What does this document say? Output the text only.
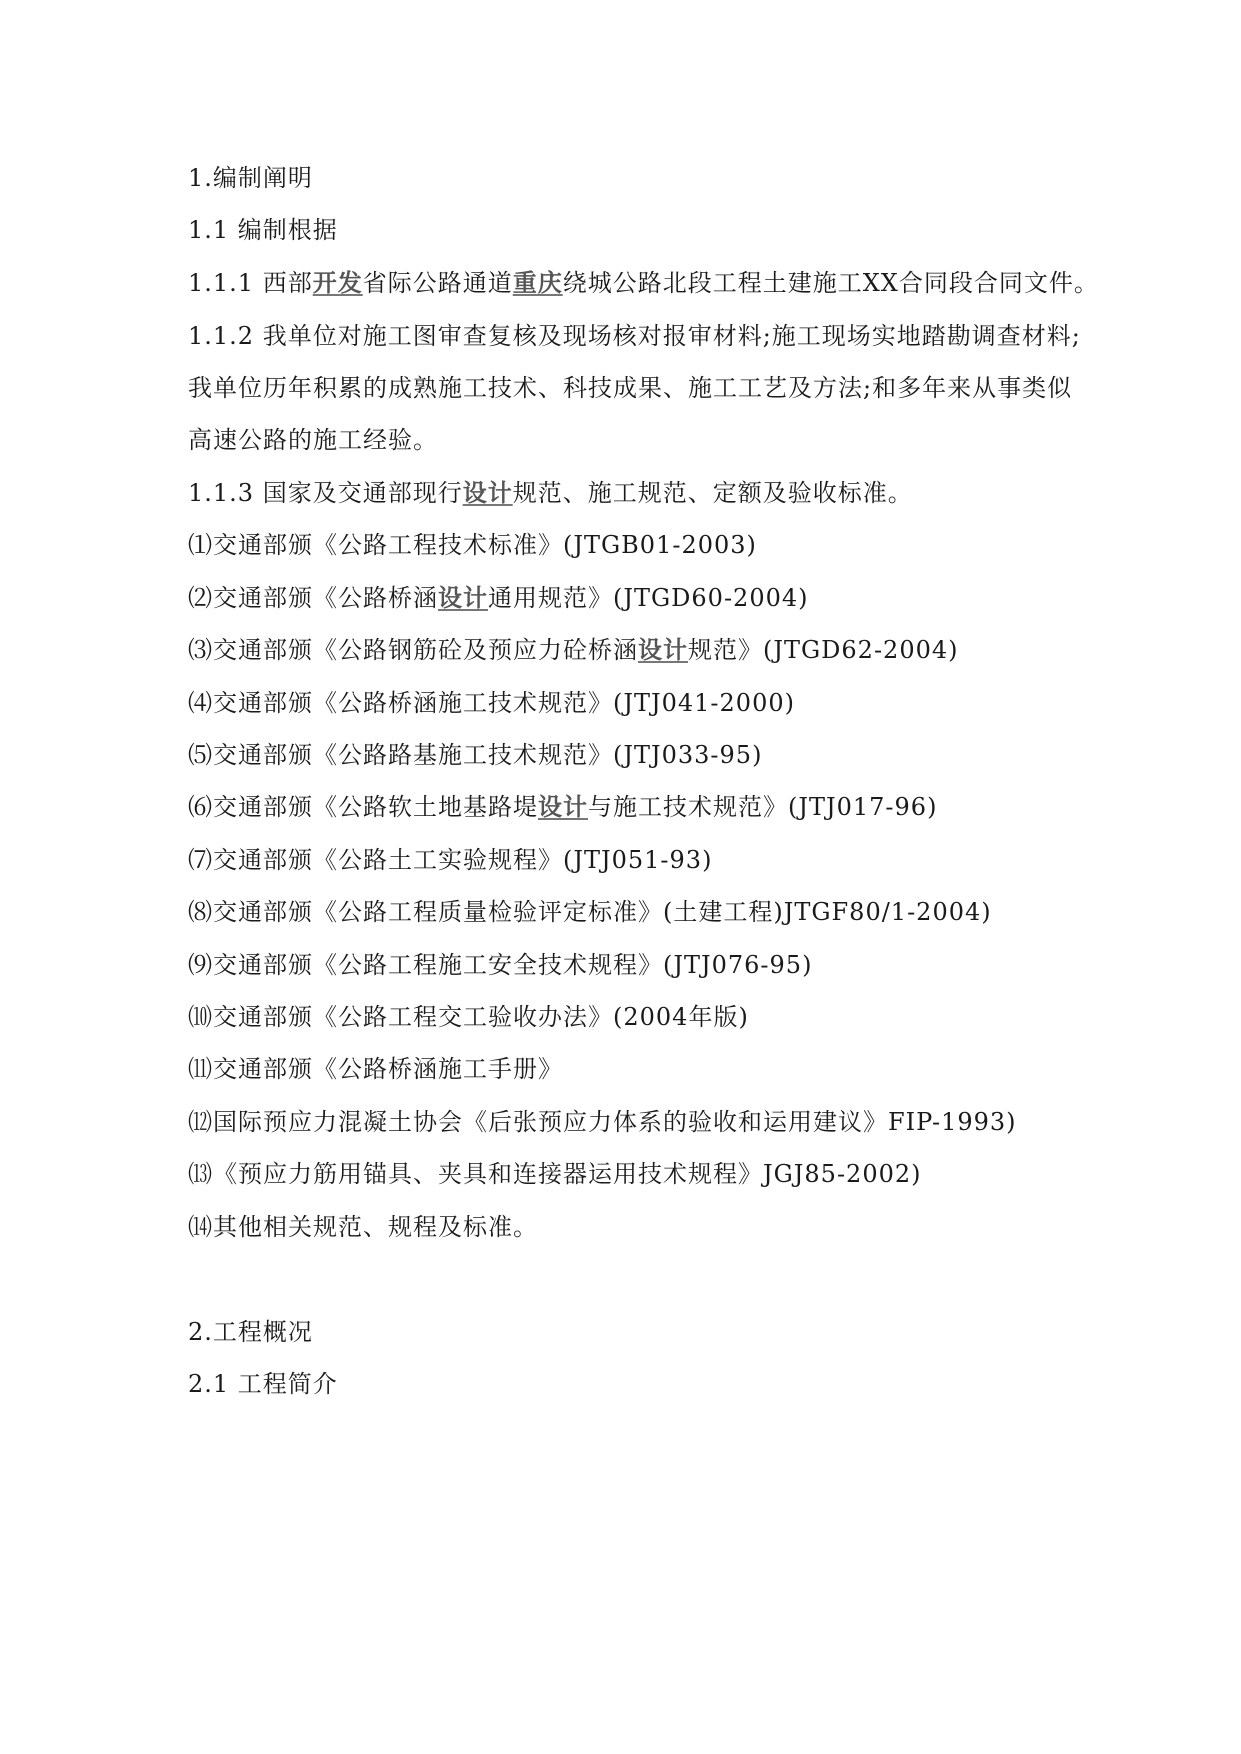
1.编制阐明
1.1 编制根据
1.1.1 西部开发省际公路通道重庆绕城公路北段工程土建施工XX合同段合同文件。
1.1.2 我单位对施工图审查复核及现场核对报审材料;施工现场实地踏勘调查材料;
我单位历年积累的成熟施工技术、科技成果、施工工艺及方法;和多年来从事类似
高速公路的施工经验。
1.1.3 国家及交通部现行设计规范、施工规范、定额及验收标准。
⑴交通部颁《公路工程技术标准》(JTGB01-2003)
⑵交通部颁《公路桥涵设计通用规范》(JTGD60-2004)
⑶交通部颁《公路钢筋砼及预应力砼桥涵设计规范》(JTGD62-2004)
⑷交通部颁《公路桥涵施工技术规范》(JTJ041-2000)
⑸交通部颁《公路路基施工技术规范》(JTJ033-95)
⑹交通部颁《公路软土地基路堤设计与施工技术规范》(JTJ017-96)
⑺交通部颁《公路土工实验规程》(JTJ051-93)
⑻交通部颁《公路工程质量检验评定标准》(土建工程)JTGF80/1-2004)
⑼交通部颁《公路工程施工安全技术规程》(JTJ076-95)
⑽交通部颁《公路工程交工验收办法》(2004年版)
⑾交通部颁《公路桥涵施工手册》
⑿国际预应力混凝土协会《后张预应力体系的验收和运用建议》FIP-1993)
⒀《预应力筋用锚具、夹具和连接器运用技术规程》JGJ85-2002)
⒁其他相关规范、规程及标准。
2.工程概况
2.1 工程简介
